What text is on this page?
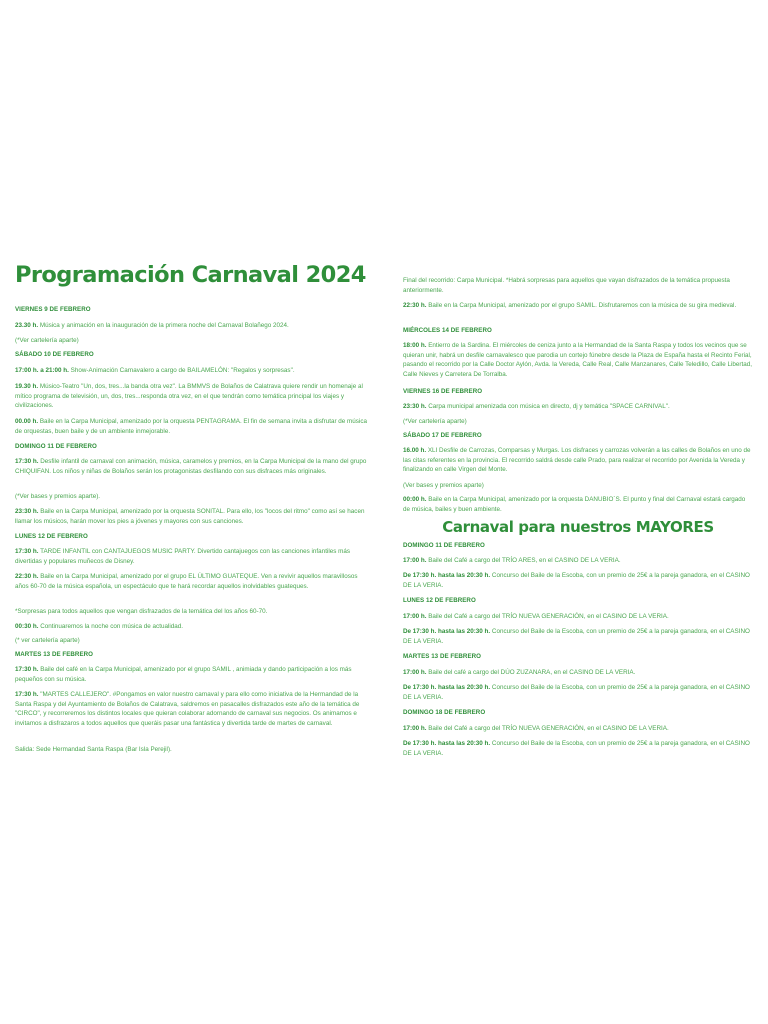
Programación Carnaval 2024
VIERNES 9 DE FEBRERO
23.30 h. Música y animación en la inauguración de la primera noche del Carnaval Bolañego 2024.
(*Ver cartelería aparte)
SÁBADO 10 DE FEBRERO
17:00 h. a 21:00 h. Show-Animación Carnavalero a cargo de BAILAMELÓN: "Regalos y sorpresas".
19.30 h. Músico-Teatro "Un, dos, tres...la banda otra vez". La BMMVS de Bolaños de Calatrava quiere rendir un homenaje al mítico programa de televisión, un, dos, tres...responda otra vez, en el que tendrán como temática principal los viajes y civilizaciones.
00.00 h. Baile en la Carpa Municipal, amenizado por la orquesta PENTAGRAMA. El fin de semana invita a disfrutar de música de orquestas, buen baile y de un ambiente inmejorable.
DOMINGO 11 DE FEBRERO
17:30 h. Desfile infantil de carnaval con animación, música, caramelos y premios, en la Carpa Municipal de la mano del grupo CHIQUIFAN. Los niños y niñas de Bolaños serán los protagonistas desfilando con sus disfraces más originales.
(*Ver bases y premios aparte).
23:30 h. Baile en la Carpa Municipal, amenizado por la orquesta SONITAL. Para ello, los "locos del ritmo" como así se hacen llamar los músicos, harán mover los pies a jóvenes y mayores con sus canciones.
LUNES 12 DE FEBRERO
17:30 h. TARDE INFANTIL con CANTAJUEGOS MUSIC PARTY. Divertido cantajuegos con las canciones infantiles más divertidas y populares muñecos de Disney.
22:30 h. Baile en la Carpa Municipal, amenizado por el grupo EL ÚLTIMO GUATEQUE. Ven a revivir aquellos maravillosos años 60-70 de la música española, un espectáculo que te hará recordar aquellos inolvidables guateques.
*Sorpresas para todos aquellos que vengan disfrazados de la temática del los años 60-70.
00:30 h. Continuaremos la noche con música de actualidad.
(* ver cartelería aparte)
MARTES 13 DE FEBRERO
17:30 h. Baile del café en la Carpa Municipal, amenizado por el grupo SAMIL , animiada y dando participación a los más pequeños con su música.
17:30 h. "MARTES CALLEJERO". #Pongamos en valor nuestro carnaval y para ello como iniciativa de la Hermandad de la Santa Raspa y del Ayuntamiento de Bolaños de Calatrava, saldremos en pasacalles disfrazados este año de la temática de "CIRCO", y recorreremos los distintos locales que quieran colaborar adornando de carnaval sus negocios. Os animamos e invitamos a disfrazaros a todos aquellos que queráis pasar una fantástica y divertida tarde de martes de carnaval.
Salida: Sede Hermandad Santa Raspa (Bar Isla Perejil).
Final del recorrido: Carpa Municipal. *Habrá sorpresas para aquellos que vayan disfrazados de la temática propuesta anteriormente.
22:30 h. Baile en la Carpa Municipal, amenizado por el grupo SAMIL. Disfrutaremos con la música de su gira medieval.
MIÉRCOLES 14 DE FEBRERO
18:00 h. Entierro de la Sardina. El miércoles de ceniza junto a la Hermandad de la Santa Raspa y todos los vecinos que se quieran unir, habrá un desfile carnavalesco que parodia un cortejo fúnebre desde la Plaza de España hasta el Recinto Ferial, pasando el recorrido por la Calle Doctor Aylón, Avda. la Vereda, Calle Real, Calle Manzanares, Calle Teledillo, Calle Libertad, Calle Nieves y Carretera De Torralba.
VIERNES 16 DE FEBRERO
23:30 h. Carpa municipal amenizada con música en directo, dj y temática "SPACE CARNIVAL".
(*Ver cartelería aparte)
SÁBADO 17 DE FEBRERO
16.00 h. XLI Desfile de Carrozas, Comparsas y Murgas. Los disfraces y carrozas volverán a las calles de Bolaños en uno de las citas referentes en la provincia. El recorrido saldrá desde calle Prado, para realizar el recorrido por Avenida la Vereda y finalizando en calle Virgen del Monte.
(Ver bases y premios aparte)
00:00 h. Baile en la Carpa Municipal, amenizado por la orquesta DANUBIO´S. El punto y final del Carnaval estará cargado de música, bailes y buen ambiente.
Carnaval para nuestros MAYORES
DOMINGO 11 DE FEBRERO
17:00 h. Baile del Café a cargo del TRÍO ARES, en el CASINO DE LA VERIA.
De 17:30 h. hasta las 20:30 h. Concurso del Baile de la Escoba, con un premio de 25€ a la pareja ganadora, en el CASINO DE LA VERIA.
LUNES 12 DE FEBRERO
17:00 h. Baile del Café a cargo del TRÍO NUEVA GENERACIÓN, en el CASINO DE LA VERIA.
De 17:30 h. hasta las 20:30 h. Concurso del Baile de la Escoba, con un premio de 25€ a la pareja ganadora, en el CASINO DE LA VERIA.
MARTES 13 DE FEBRERO
17:00 h. Baile del café a cargo del DÚO ZUZANARA, en el CASINO DE LA VERIA.
De 17:30 h. hasta las 20:30 h. Concurso del Baile de la Escoba, con un premio de 25€ a la pareja ganadora, en el CASINO DE LA VERIA.
DOMINGO 18 DE FEBRERO
17:00 h. Baile del Café a cargo del TRÍO NUEVA GENERACIÓN, en el CASINO DE LA VERIA.
De 17:30 h. hasta las 20:30 h. Concurso del Baile de la Escoba, con un premio de 25€ a la pareja ganadora, en el CASINO DE LA VERIA.
